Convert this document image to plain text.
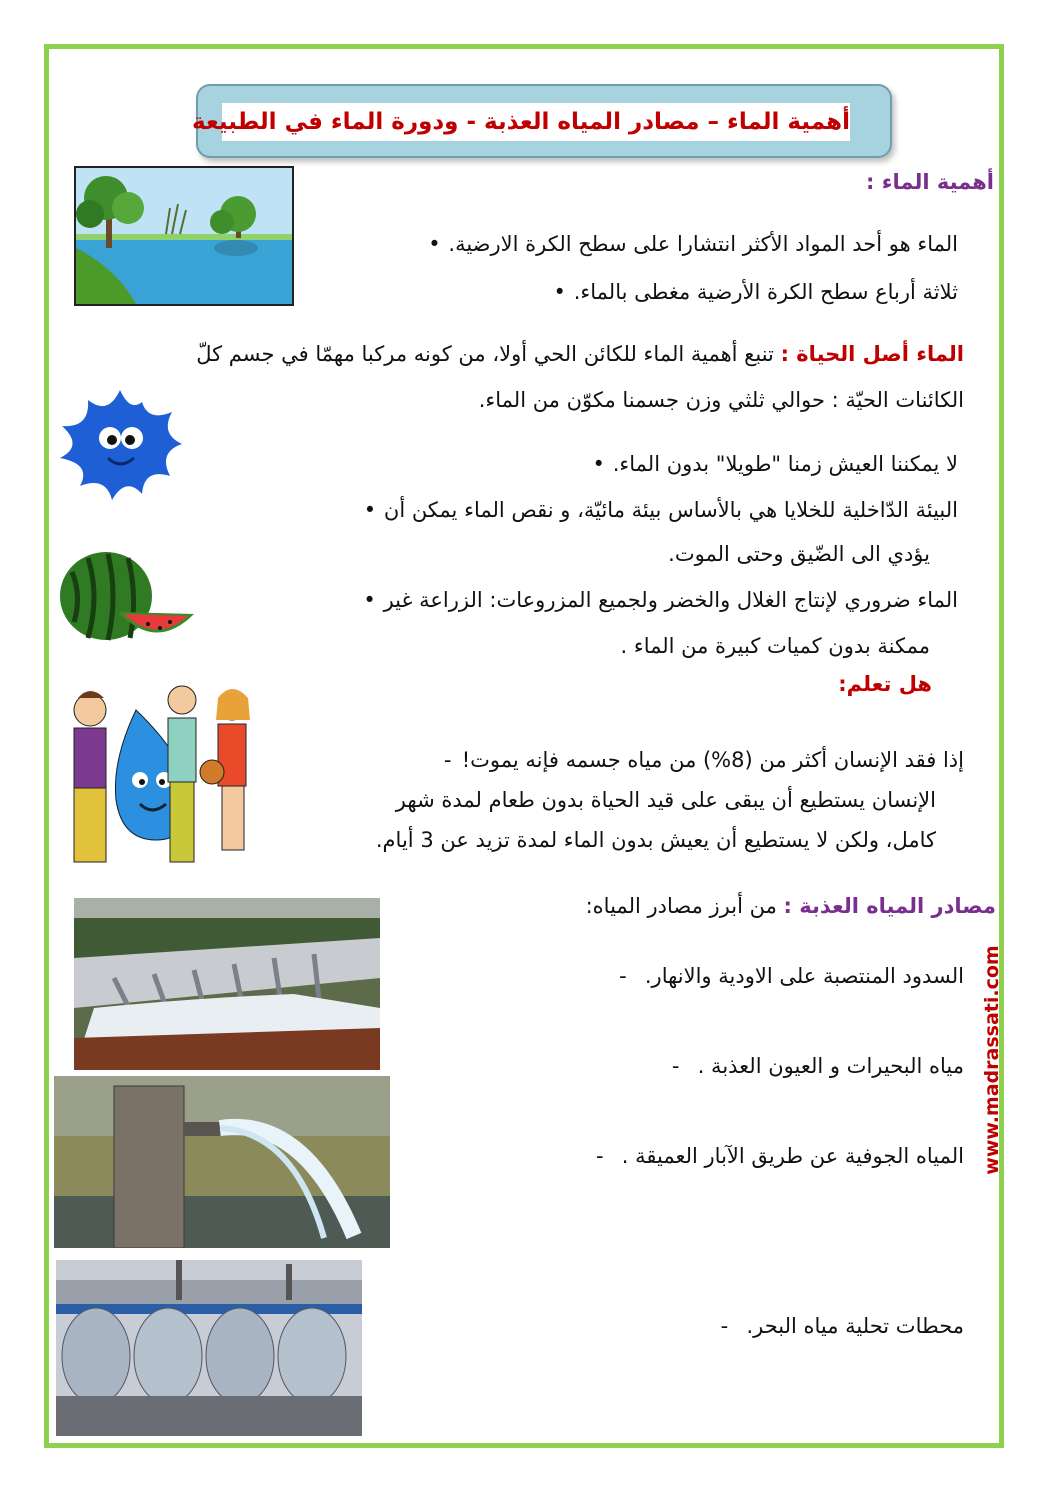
أهمية الماء – مصادر المياه العذبة - ودورة الماء في الطبيعة
أهمية الماء :
الماء هو أحد المواد الأكثر انتشارا على سطح الكرة الارضية.•
ثلاثة أرباع سطح الكرة الأرضية مغطى بالماء.•
الماء أصل الحياة : تنبع أهمية الماء للكائن الحي أولا، من كونه مركبا مهمّا في جسم كلّ
الكائنات الحيّة : حوالي ثلثي وزن جسمنا مكوّن من الماء.
لا يمكننا العيش زمنا "طويلا" بدون الماء.•
البيئة الدّاخلية للخلايا هي بالأساس بيئة مائيّة، و نقص الماء يمكن أن•
يؤدي الى الضّيق وحتى الموت.
الماء ضروري لإنتاج الغلال والخضر ولجميع المزروعات: الزراعة غير•
ممكنة بدون كميات كبيرة من الماء .
هل تعلم:
إذا فقد الإنسان أكثر من (8%) من مياه جسمه فإنه يموت!-
الإنسان يستطيع أن يبقى على قيد الحياة بدون طعام لمدة شهر
كامل، ولكن لا يستطيع أن يعيش بدون الماء لمدة تزيد عن 3 أيام.
مصادر المياه العذبة : من أبرز مصادر المياه:
السدود المنتصبة على الاودية والانهار.-
مياه البحيرات و العيون العذبة .-
المياه الجوفية عن طريق الآبار العميقة .-
محطات تحلية مياه البحر.-
www.madrassati.com
